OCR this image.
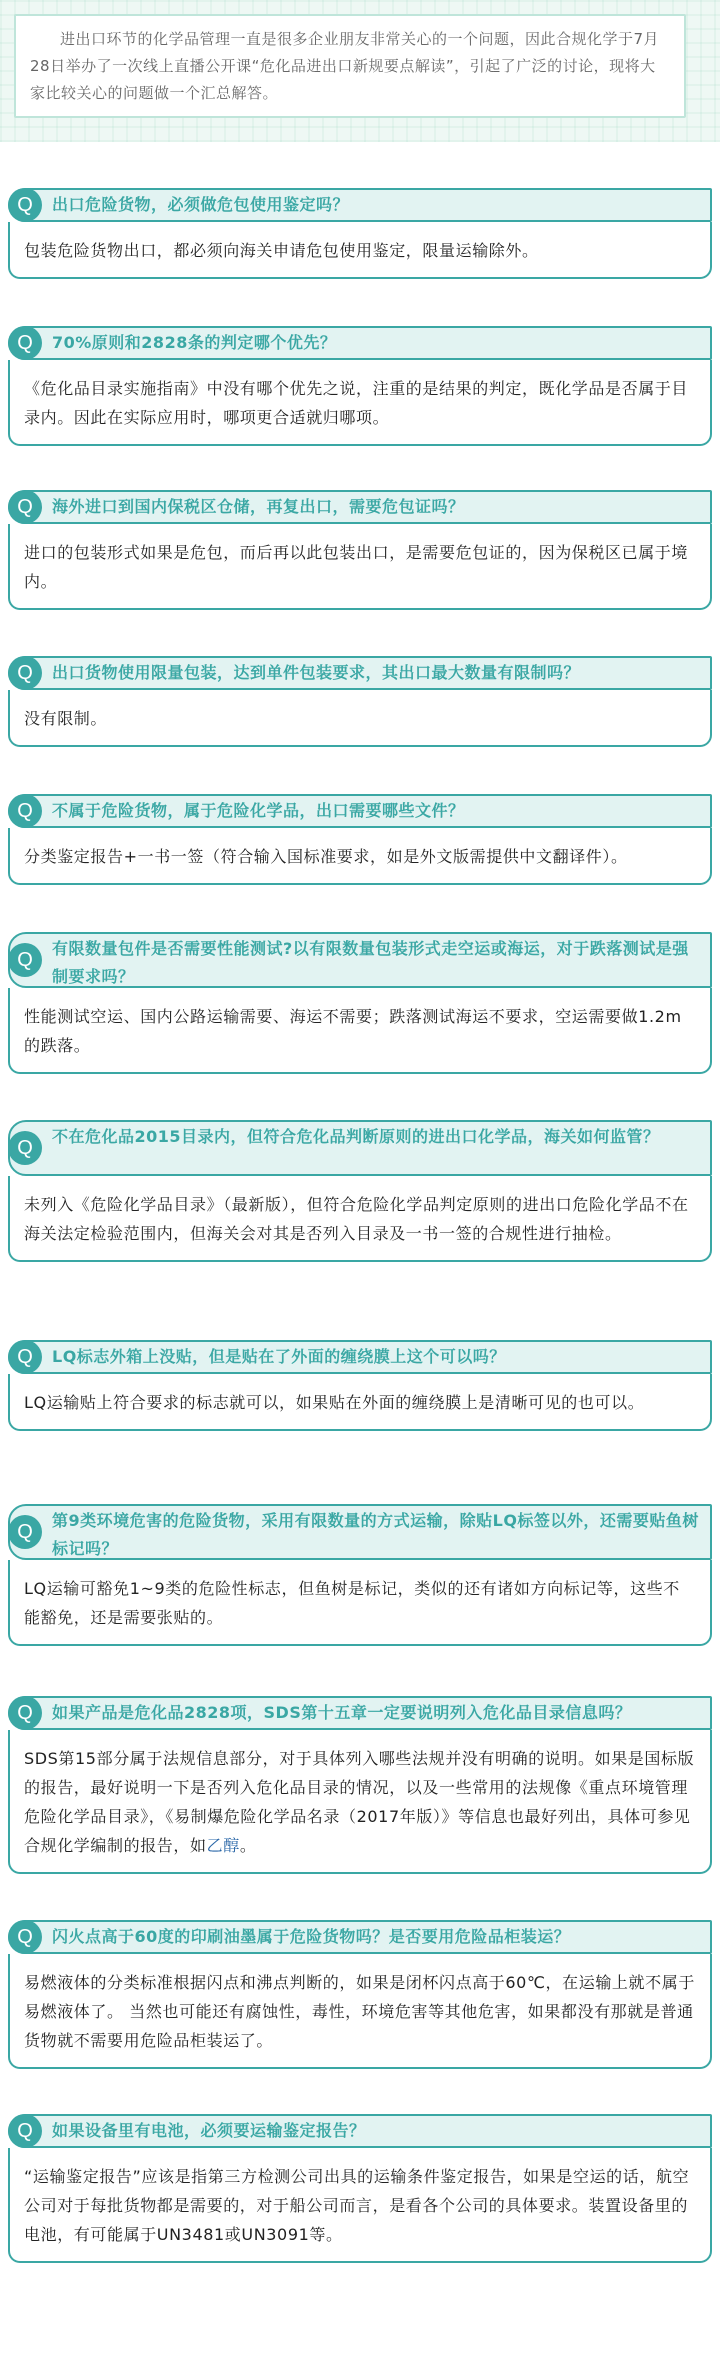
进出口环节的化学品管理一直是很多企业朋友非常关心的一个问题，因此合规化学于7月28日举办了一次线上直播公开课“危化品进出口新规要点解读”，引起了广泛的讨论，现将大家比较关心的问题做一个汇总解答。
Q	出口危险货物，必须做危包使用鉴定吗？
包装危险货物出口，都必须向海关申请危包使用鉴定，限量运输除外。
Q	70%原则和2828条的判定哪个优先？
《危化品目录实施指南》中没有哪个优先之说，注重的是结果的判定，既化学品是否属于目录内。因此在实际应用时，哪项更合适就归哪项。
Q	海外进口到国内保税区仓储，再复出口，需要危包证吗？
进口的包装形式如果是危包，而后再以此包装出口，是需要危包证的，因为保税区已属于境内。
Q	出口货物使用限量包装，达到单件包装要求，其出口最大数量有限制吗？
没有限制。
Q	不属于危险货物，属于危险化学品，出口需要哪些文件？
分类鉴定报告+一书一签（符合输入国标准要求，如是外文版需提供中文翻译件）。
Q
有限数量包件是否需要性能测试?以有限数量包装形式走空运或海运，对于跌落测试是强制要求吗？
性能测试空运、国内公路运输需要、海运不需要；跌落测试海运不要求，空运需要做1.2m的跌落。
Q
不在危化品2015目录内，但符合危化品判断原则的进出口化学品，海关如何监管？
未列入《危险化学品目录》（最新版），但符合危险化学品判定原则的进出口危险化学品不在海关法定检验范围内，但海关会对其是否列入目录及一书一签的合规性进行抽检。
Q	LQ标志外箱上没贴，但是贴在了外面的缠绕膜上这个可以吗？
LQ运输贴上符合要求的标志就可以，如果贴在外面的缠绕膜上是清晰可见的也可以。
Q
第9类环境危害的危险货物，采用有限数量的方式运输，除贴LQ标签以外，还需要贴鱼树标记吗？
LQ运输可豁免1~9类的危险性标志，但鱼树是标记，类似的还有诸如方向标记等，这些不能豁免，还是需要张贴的。
Q	如果产品是危化品2828项，SDS第十五章一定要说明列入危化品目录信息吗？
SDS第15部分属于法规信息部分，对于具体列入哪些法规并没有明确的说明。如果是国标版的报告，最好说明一下是否列入危化品目录的情况，以及一些常用的法规像《重点环境管理危险化学品目录》，《易制爆危险化学品名录（2017年版）》等信息也最好列出，具体可参见合规化学编制的报告，如乙醇。
Q	闪火点高于60度的印刷油墨属于危险货物吗？是否要用危险品柜装运？
易燃液体的分类标准根据闪点和沸点判断的，如果是闭杯闪点高于60℃，在运输上就不属于易燃液体了。 当然也可能还有腐蚀性，毒性，环境危害等其他危害，如果都没有那就是普通货物就不需要用危险品柜装运了。
Q	如果设备里有电池，必须要运输鉴定报告？
“运输鉴定报告”应该是指第三方检测公司出具的运输条件鉴定报告，如果是空运的话，航空公司对于每批货物都是需要的，对于船公司而言，是看各个公司的具体要求。装置设备里的电池，有可能属于UN3481或UN3091等。
